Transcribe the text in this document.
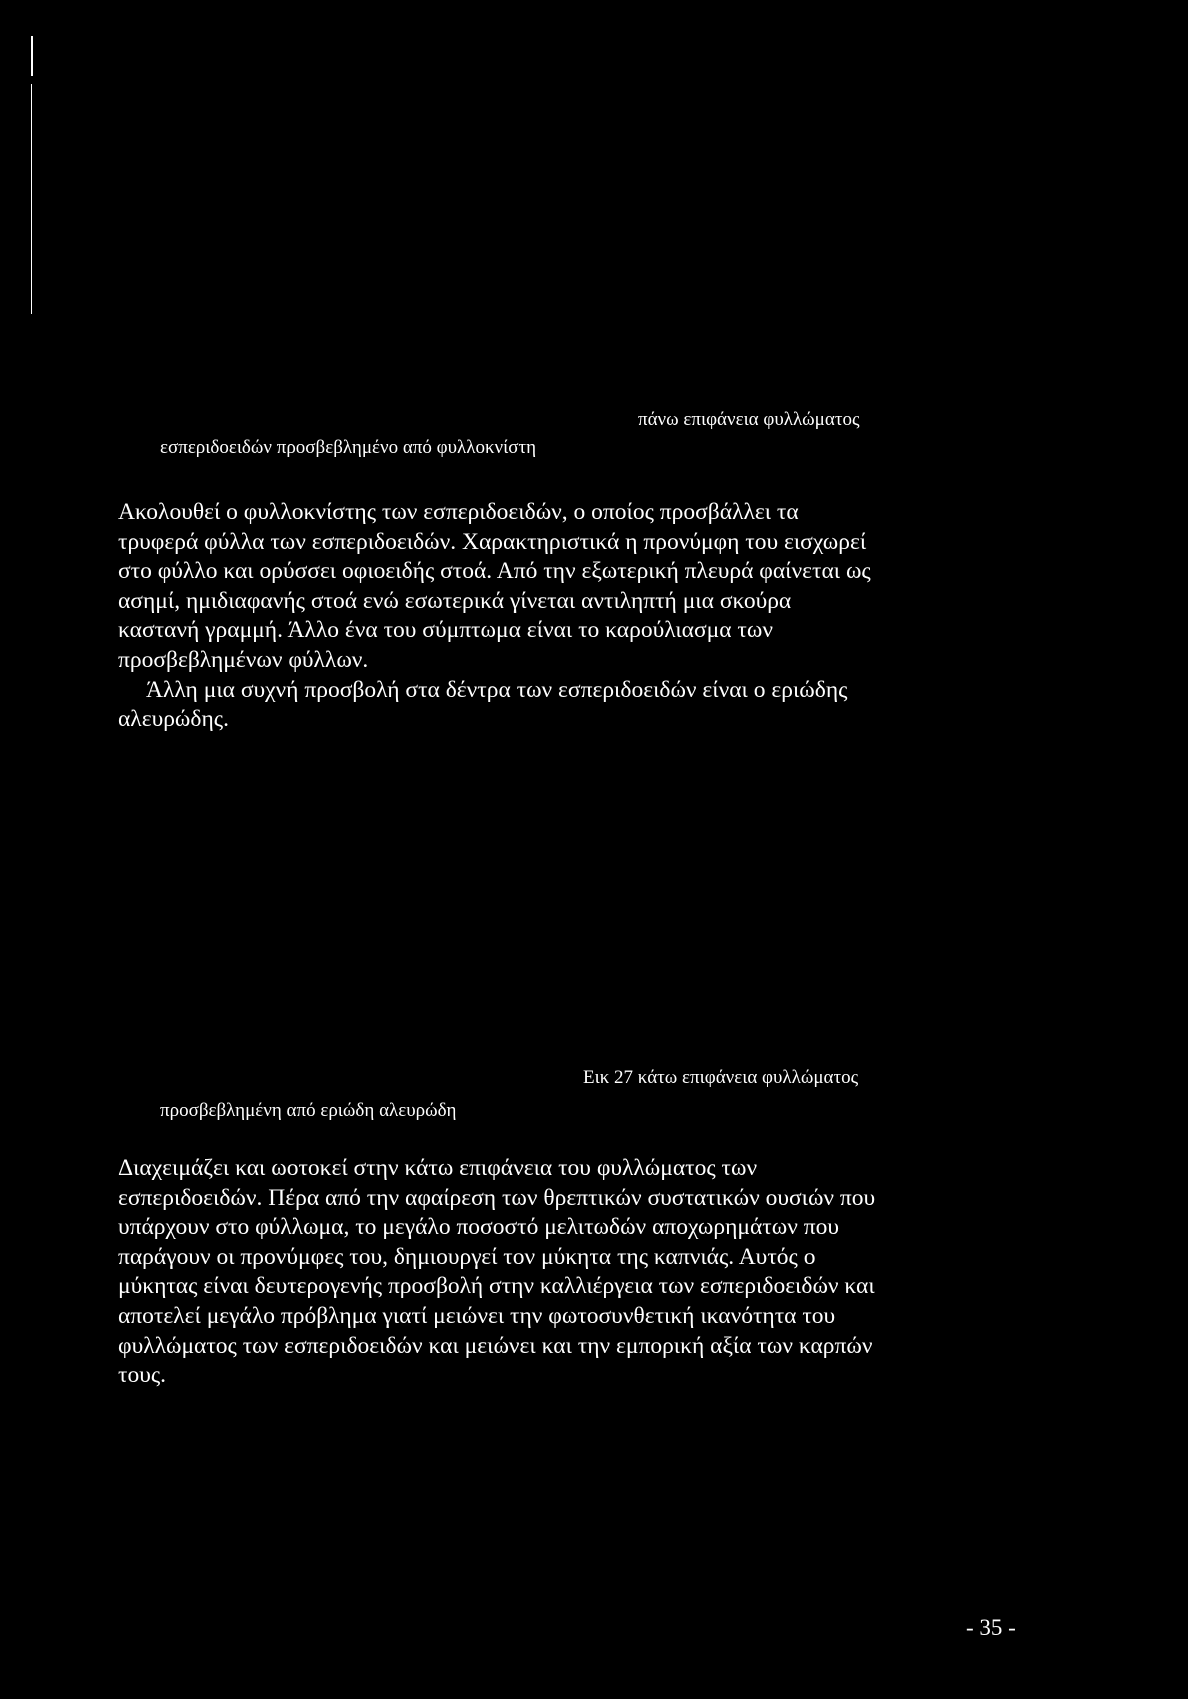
πάνω επιφάνεια φυλλώματος
εσπεριδοειδών προσβεβλημένο από φυλλοκνίστη

Ακολουθεί ο φυλλοκνίστης των εσπεριδοειδών, ο οποίος προσβάλλει τα
τρυφερά φύλλα των εσπεριδοειδών. Χαρακτηριστικά η προνύμφη του εισχωρεί
στο φύλλο και ορύσσει οφιοειδής στοά. Από την εξωτερική πλευρά φαίνεται ως
ασημί, ημιδιαφανής στοά ενώ εσωτερικά γίνεται αντιληπτή μια σκούρα
καστανή γραμμή. Άλλο ένα του σύμπτωμα είναι το καρούλιασμα των
προσβεβλημένων φύλλων.
Άλλη μια συχνή προσβολή στα δέντρα των εσπεριδοειδών είναι ο εριώδης
αλευρώδης.

Εικ 27 κάτω επιφάνεια φυλλώματος
προσβεβλημένη από εριώδη αλευρώδη

Διαχειμάζει και ωοτοκεί στην κάτω επιφάνεια του φυλλώματος των
εσπεριδοειδών. Πέρα από την αφαίρεση των θρεπτικών συστατικών ουσιών που
υπάρχουν στο φύλλωμα, το μεγάλο ποσοστό μελιτωδών αποχωρημάτων που
παράγουν οι προνύμφες του, δημιουργεί τον μύκητα της καπνιάς. Αυτός ο
μύκητας είναι δευτερογενής προσβολή στην καλλιέργεια των εσπεριδοειδών και
αποτελεί μεγάλο πρόβλημα γιατί μειώνει την φωτοσυνθετική ικανότητα του
φυλλώματος των εσπεριδοειδών και μειώνει και την εμπορική αξία των καρπών
τους.

- 35 -
